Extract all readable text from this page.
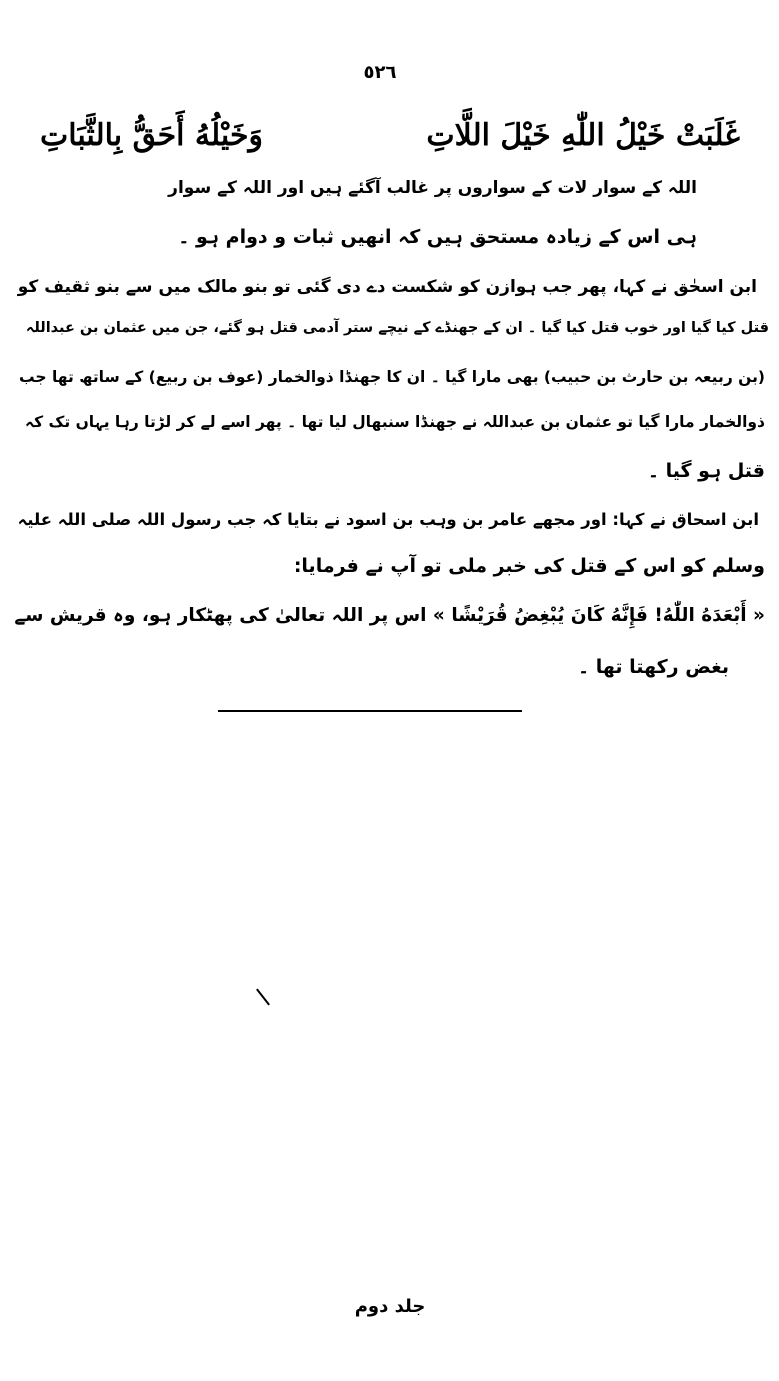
٥٢٦
غَلَبَتْ خَيْلُ اللّٰهِ خَيْلَ اللَّاتِ
وَخَيْلُهُ أَحَقُّ بِالثَّبَاتِ
اللہ کے سوار لات کے سواروں پر غالب آگئے ہیں اور اللہ کے سوار
ہی اس کے زیادہ مستحق ہیں کہ انھیں ثبات و دوام ہو ۔
ابن اسحٰق نے کہا، پھر جب ہوازن کو شکست دے دی گئی تو بنو مالک میں سے بنو ثقیف کو
قتل کیا گیا اور خوب قتل کیا گیا ۔ ان کے جھنڈے کے نیچے ستر آدمی قتل ہو گئے، جن میں عثمان بن عبداللہ
(بن ربیعہ بن حارث بن حبیب) بھی مارا گیا ۔ ان کا جھنڈا ذوالخمار (عوف بن ربیع) کے ساتھ تھا جب
ذوالخمار مارا گیا تو عثمان بن عبداللہ نے جھنڈا سنبھال لیا تھا ۔ پھر اسے لے کر لڑتا رہا یہاں تک کہ
قتل ہو گیا ۔
ابن اسحاق نے کہا: اور مجھے عامر بن وہب بن اسود نے بتایا کہ جب رسول اللہ صلی اللہ علیہ
وسلم کو اس کے قتل کی خبر ملی تو آپ نے فرمایا:
« أَبْعَدَهُ اللّٰهُ! فَإِنَّهُ كَانَ يُبْغِضُ قُرَيْشًا » اس پر اللہ تعالیٰ کی پھٹکار ہو، وہ قریش سے
بغض رکھتا تھا ۔
جلد دوم
